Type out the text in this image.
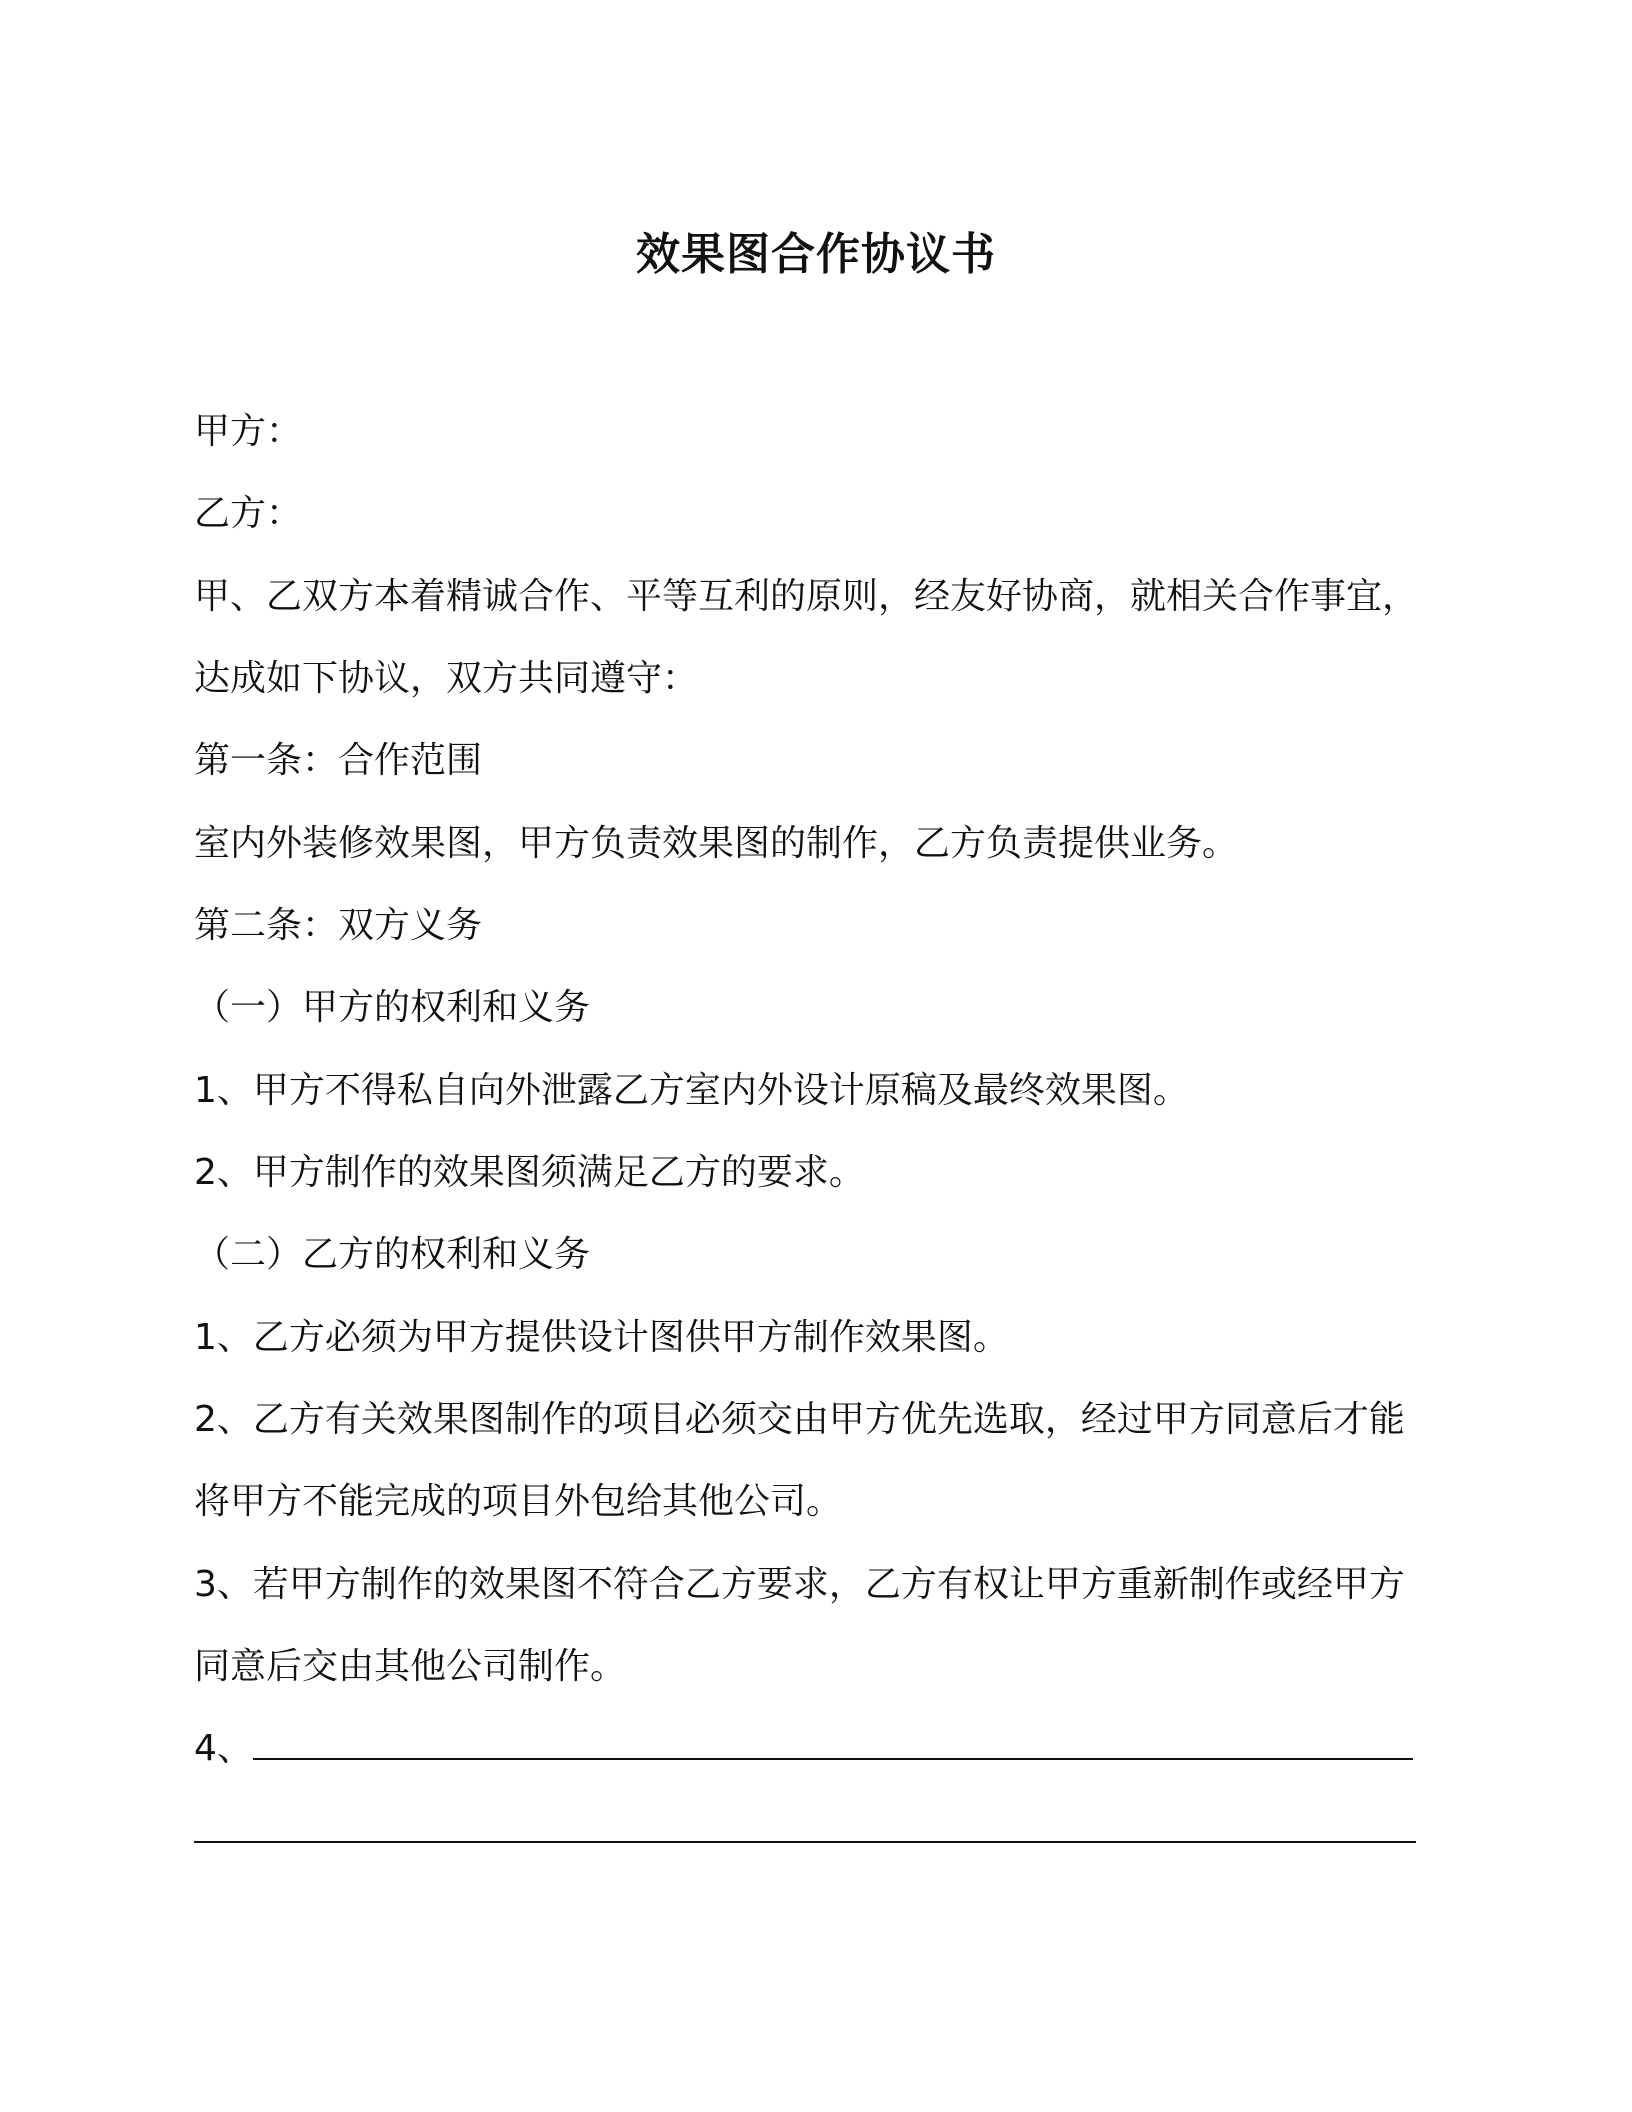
效果图合作协议书

甲方：

乙方：

甲、乙双方本着精诚合作、平等互利的原则，经友好协商，就相关合作事宜，

达成如下协议，双方共同遵守：

第一条：合作范围

室内外装修效果图，甲方负责效果图的制作，乙方负责提供业务。

第二条：双方义务

（一）甲方的权利和义务

1、甲方不得私自向外泄露乙方室内外设计原稿及最终效果图。

2、甲方制作的效果图须满足乙方的要求。

（二）乙方的权利和义务

1、乙方必须为甲方提供设计图供甲方制作效果图。

2、乙方有关效果图制作的项目必须交由甲方优先选取，经过甲方同意后才能

将甲方不能完成的项目外包给其他公司。

3、若甲方制作的效果图不符合乙方要求，乙方有权让甲方重新制作或经甲方

同意后交由其他公司制作。

4、
